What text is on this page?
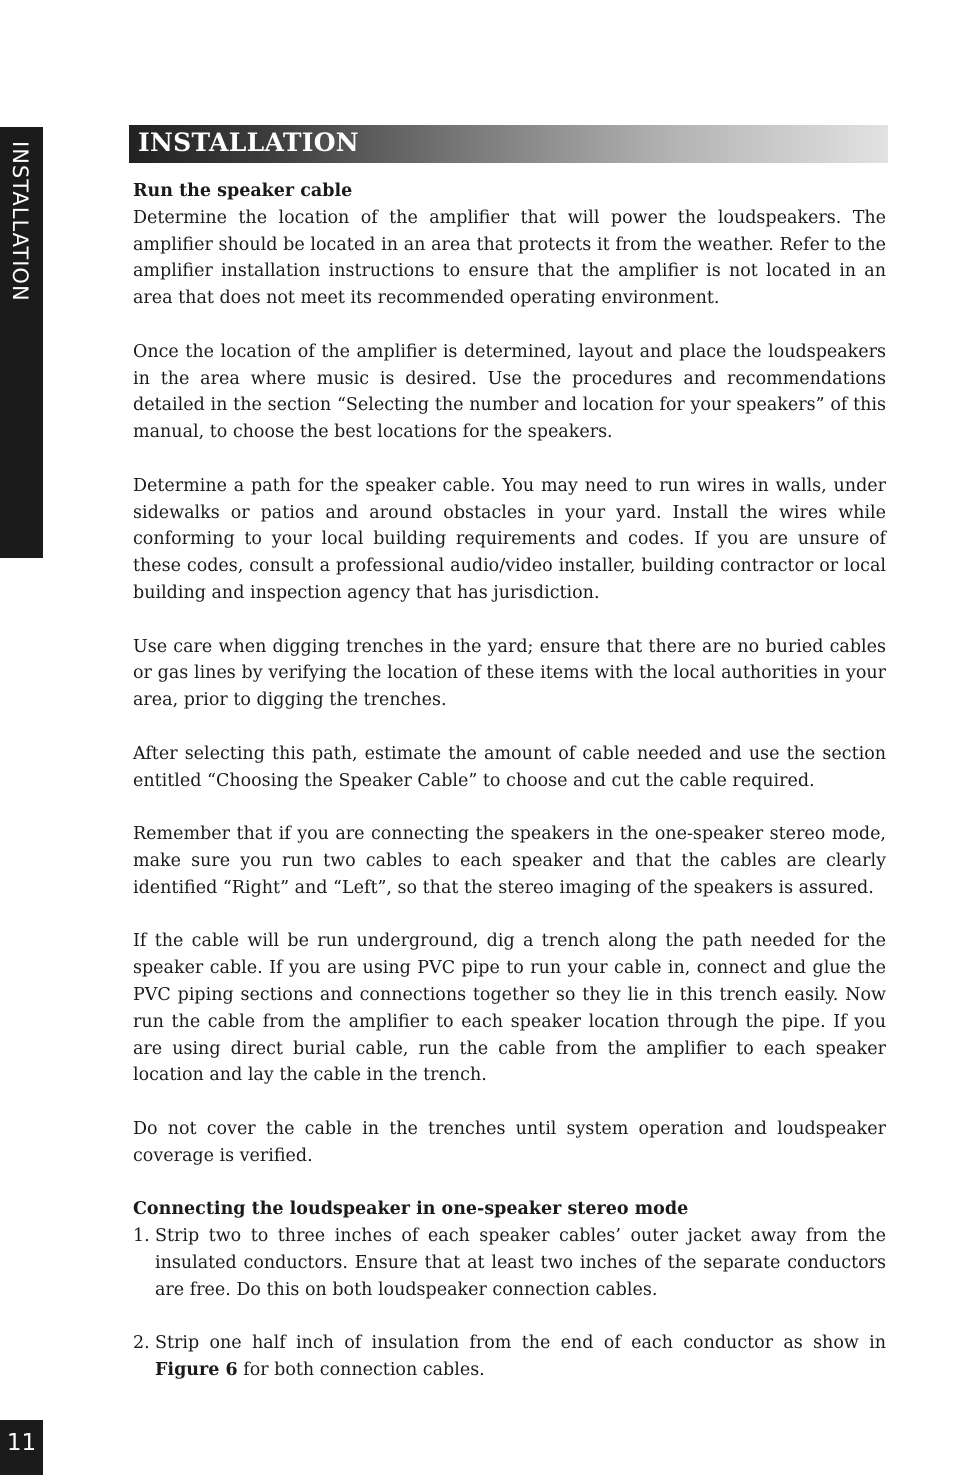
INSTALLATION
11
INSTALLATION
Run the speaker cable

Determine the location of the amplifier that will power the loudspeakers. The amplifier should be located in an area that protects it from the weather. Refer to the amplifier installation instructions to ensure that the amplifier is not located in an area that does not meet its recommended operating environment.

Once the location of the amplifier is determined, layout and place the loudspeakers in the area where music is desired. Use the procedures and recommendations detailed in the section “Selecting the number and location for your speakers” of this manual, to choose the best locations for the speakers.

Determine a path for the speaker cable. You may need to run wires in walls, under sidewalks or patios and around obstacles in your yard. Install the wires while conforming to your local building requirements and codes. If you are unsure of these codes, consult a professional audio/video installer, building contractor or local building and inspection agency that has jurisdiction.

Use care when digging trenches in the yard; ensure that there are no buried cables or gas lines by verifying the location of these items with the local authorities in your area, prior to digging the trenches.

After selecting this path, estimate the amount of cable needed and use the section entitled “Choosing the Speaker Cable” to choose and cut the cable required.

Remember that if you are connecting the speakers in the one-speaker stereo mode, make sure you run two cables to each speaker and that the cables are clearly identified “Right” and “Left”, so that the stereo imaging of the speakers is assured.

If the cable will be run underground, dig a trench along the path needed for the speaker cable. If you are using PVC pipe to run your cable in, connect and glue the PVC piping sections and connections together so they lie in this trench easily. Now run the cable from the amplifier to each speaker location through the pipe. If you are using direct burial cable, run the cable from the amplifier to each speaker location and lay the cable in the trench.

Do not cover the cable in the trenches until system operation and loudspeaker coverage is verified.

Connecting the loudspeaker in one-speaker stereo mode
1. Strip two to three inches of each speaker cables’ outer jacket away from the insulated conductors. Ensure that at least two inches of the separate conductors are free. Do this on both loudspeaker connection cables.
2. Strip one half inch of insulation from the end of each conductor as show in Figure 6 for both connection cables.
